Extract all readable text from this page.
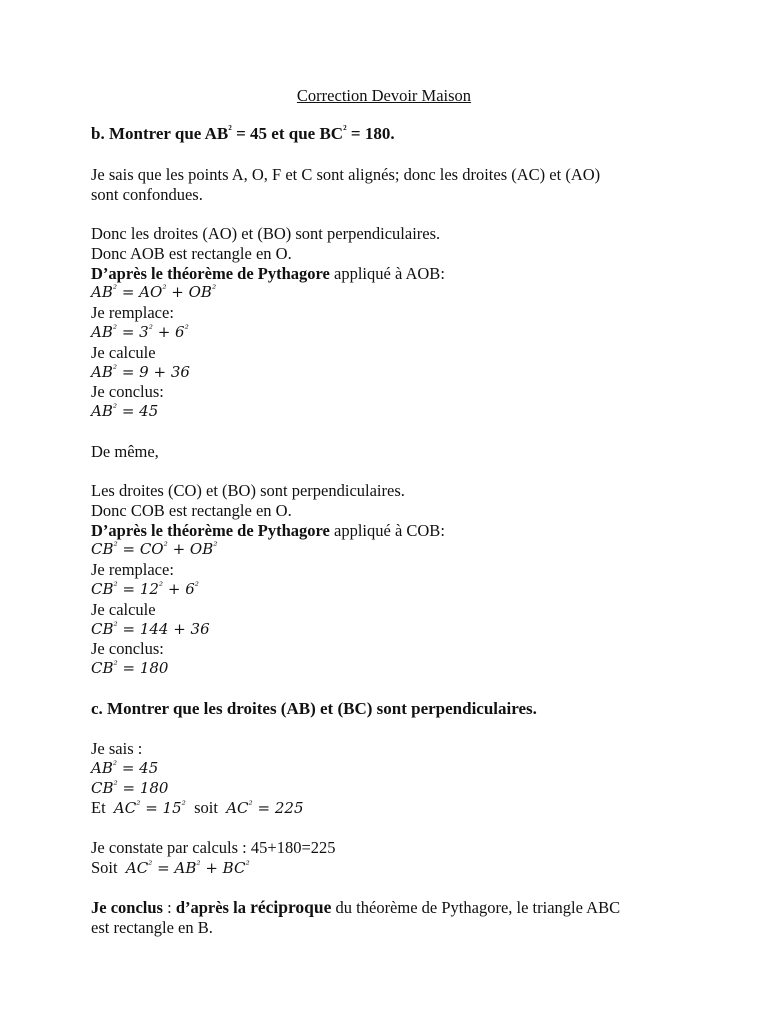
Correction Devoir Maison
b. Montrer que $AB^{^2} = 45$ et que $BC^{^2} = 180$.
Je sais que les points A, O, F et C sont alignés; donc les droites (AC) et (AO)
sont confondues.
Donc les droites (AO) et (BO) sont perpendiculaires.
Donc AOB est rectangle en O.
D’après le théorème de Pythagore appliqué à AOB:
$AB^{^2} = AO^{^2} + OB^{^2}$
Je remplace:
$AB^{^2} = 3^{^2} + 6^{^2}$
Je calcule
$AB^{^2} = 9 + 36$
Je conclus:
$AB^{^2} = 45$
De même,
Les droites (CO) et (BO) sont perpendiculaires.
Donc COB est rectangle en O.
D’après le théorème de Pythagore appliqué à COB:
$CB^{^2} = CO^{^2} + OB^{^2}$
Je remplace:
$CB^{^2} = 12^{^2} + 6^{^2}$
Je calcule
$CB^{^2} = 144 + 36$
Je conclus:
$CB^{^2} = 180$
c. Montrer que les droites (AB) et (BC) sont perpendiculaires.
Je sais :
$AB^{^2} = 45$
$CB^{^2} = 180$
Et $AC^{^2} = 15^{^2}$ soit $AC^{^2} = 225$
Je constate par calculs : 45+180=225
Soit $AC^{^2} = AB^{^2} + BC^{^2}$
Je conclus : d’après la réciproque du théorème de Pythagore, le triangle ABC
est rectangle en B.
